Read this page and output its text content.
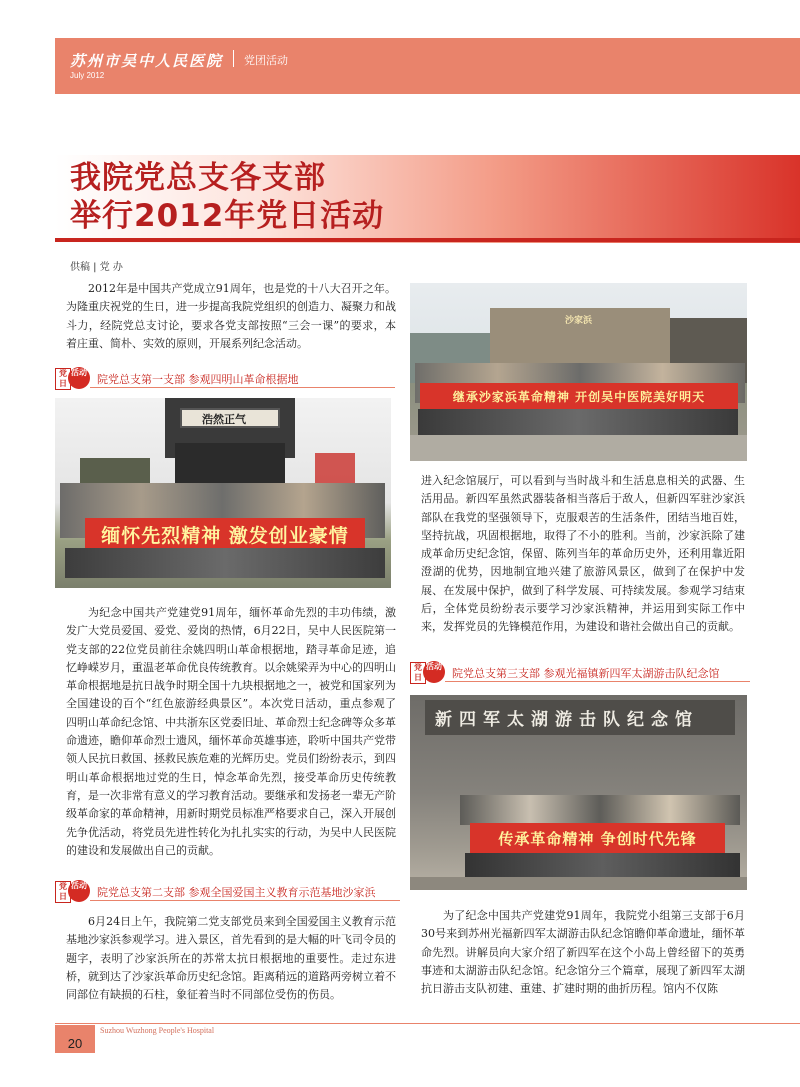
苏州市吴中人民医院 党团活动
July 2012
我院党总支各支部
举行2012年党日活动
供稿 | 党 办

2012年是中国共产党成立91周年，也是党的十八大召开之年。为隆重庆祝党的生日，进一步提高我院党组织的创造力、凝聚力和战斗力，经院党总支讨论，要求各党支部按照“三会一课”的要求，本着庄重、简朴、实效的原则，开展系列纪念活动。

党日
活动
院党总支第一支部 参观四明山革命根据地
浩然正气
缅怀先烈精神 激发创业豪情

为纪念中国共产党建党91周年，缅怀革命先烈的丰功伟绩，激发广大党员爱国、爱党、爱岗的热情，6月22日，吴中人民医院第一党支部的22位党员前往余姚四明山革命根据地，踏寻革命足迹，追忆峥嵘岁月，重温老革命优良传统教育。以余姚梁弄为中心的四明山革命根据地是抗日战争时期全国十九块根据地之一，被党和国家列为全国建设的百个“红色旅游经典景区”。本次党日活动，重点参观了四明山革命纪念馆、中共浙东区党委旧址、革命烈士纪念碑等众多革命遗迹，瞻仰革命烈士遗风，缅怀革命英雄事迹，聆听中国共产党带领人民抗日救国、拯救民族危难的光辉历史。党员们纷纷表示，到四明山革命根据地过党的生日，悼念革命先烈，接受革命历史传统教育，是一次非常有意义的学习教育活动。要继承和发扬老一辈无产阶级革命家的革命精神，用新时期党员标准严格要求自己，深入开展创先争优活动，将党员先进性转化为扎扎实实的行动，为吴中人民医院的建设和发展做出自己的贡献。

党日
活动
院党总支第二支部 参观全国爱国主义教育示范基地沙家浜

6月24日上午，我院第二党支部党员来到全国爱国主义教育示范基地沙家浜参观学习。进入景区，首先看到的是大幅的叶飞司令员的题字，表明了沙家浜所在的苏常太抗日根据地的重要性。走过东进桥，就到达了沙家浜革命历史纪念馆。距离稍远的道路两旁树立着不同部位有缺损的石柱，象征着当时不同部位受伤的伤员。

沙家浜
继承沙家浜革命精神 开创吴中医院美好明天

进入纪念馆展厅，可以看到与当时战斗和生活息息相关的武器、生活用品。新四军虽然武器装备相当落后于敌人，但新四军驻沙家浜部队在我党的坚强领导下，克服艰苦的生活条件，团结当地百姓，坚持抗战，巩固根据地，取得了不小的胜利。当前，沙家浜除了建成革命历史纪念馆，保留、陈列当年的革命历史外，还利用靠近阳澄湖的优势，因地制宜地兴建了旅游风景区，做到了在保护中发展、在发展中保护，做到了科学发展、可持续发展。参观学习结束后，全体党员纷纷表示要学习沙家浜精神，并运用到实际工作中来，发挥党员的先锋模范作用，为建设和谐社会做出自己的贡献。

党日
活动
院党总支第三支部 参观光福镇新四军太湖游击队纪念馆
新四军太湖游击队纪念馆
传承革命精神 争创时代先锋

为了纪念中国共产党建党91周年，我院党小组第三支部于6月30号来到苏州光福新四军太湖游击队纪念馆瞻仰革命遗址，缅怀革命先烈。讲解员向大家介绍了新四军在这个小岛上曾经留下的英勇事迹和太湖游击队纪念馆。纪念馆分三个篇章，展现了新四军太湖抗日游击支队初建、重建、扩建时期的曲折历程。馆内不仅陈

20
Suzhou Wuzhong People's Hospital
